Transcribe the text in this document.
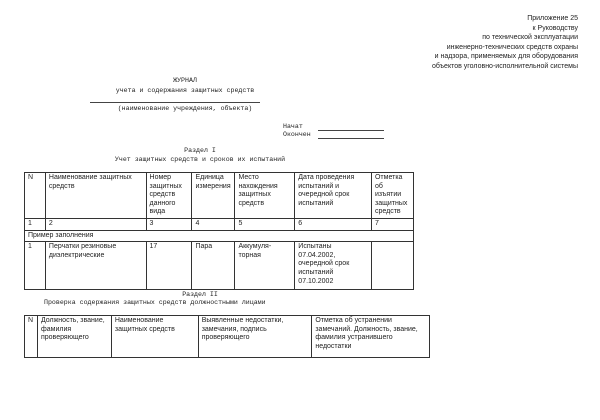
Приложение 25
к Руководству
по технической эксплуатации
инженерно-технических средств охраны
и надзора, применяемых для оборудования
объектов уголовно-исполнительной системы
ЖУРНАЛ
учета и содержания защитных средств
(наименование учреждения, объекта)
Начат
Окончен
Раздел I
Учет защитных средств и сроков их испытаний
N	Наименование защитных средств	Номер защитных средств данного вида	Единица измерения	Место нахождения защитных средств	Дата проведения испытаний и очередной срок испытаний	Отметка об изъятии защитных средств
1	2	3	4	5	6	7
Пример заполнения						
1	Перчатки резиновые диэлектрические	17	Пара	Аккумуля-торная	Испытаны 07.04.2002, очередной срок испытаний 07.10.2002	
Раздел II
Проверка содержания защитных средств должностными лицами
N	Должность, звание, фамилия проверяющего	Наименование защитных средств	Выявленные недостатки, замечания, подпись проверяющего	Отметка об устранении замечаний. Должность, звание, фамилия устранившего недостатки
